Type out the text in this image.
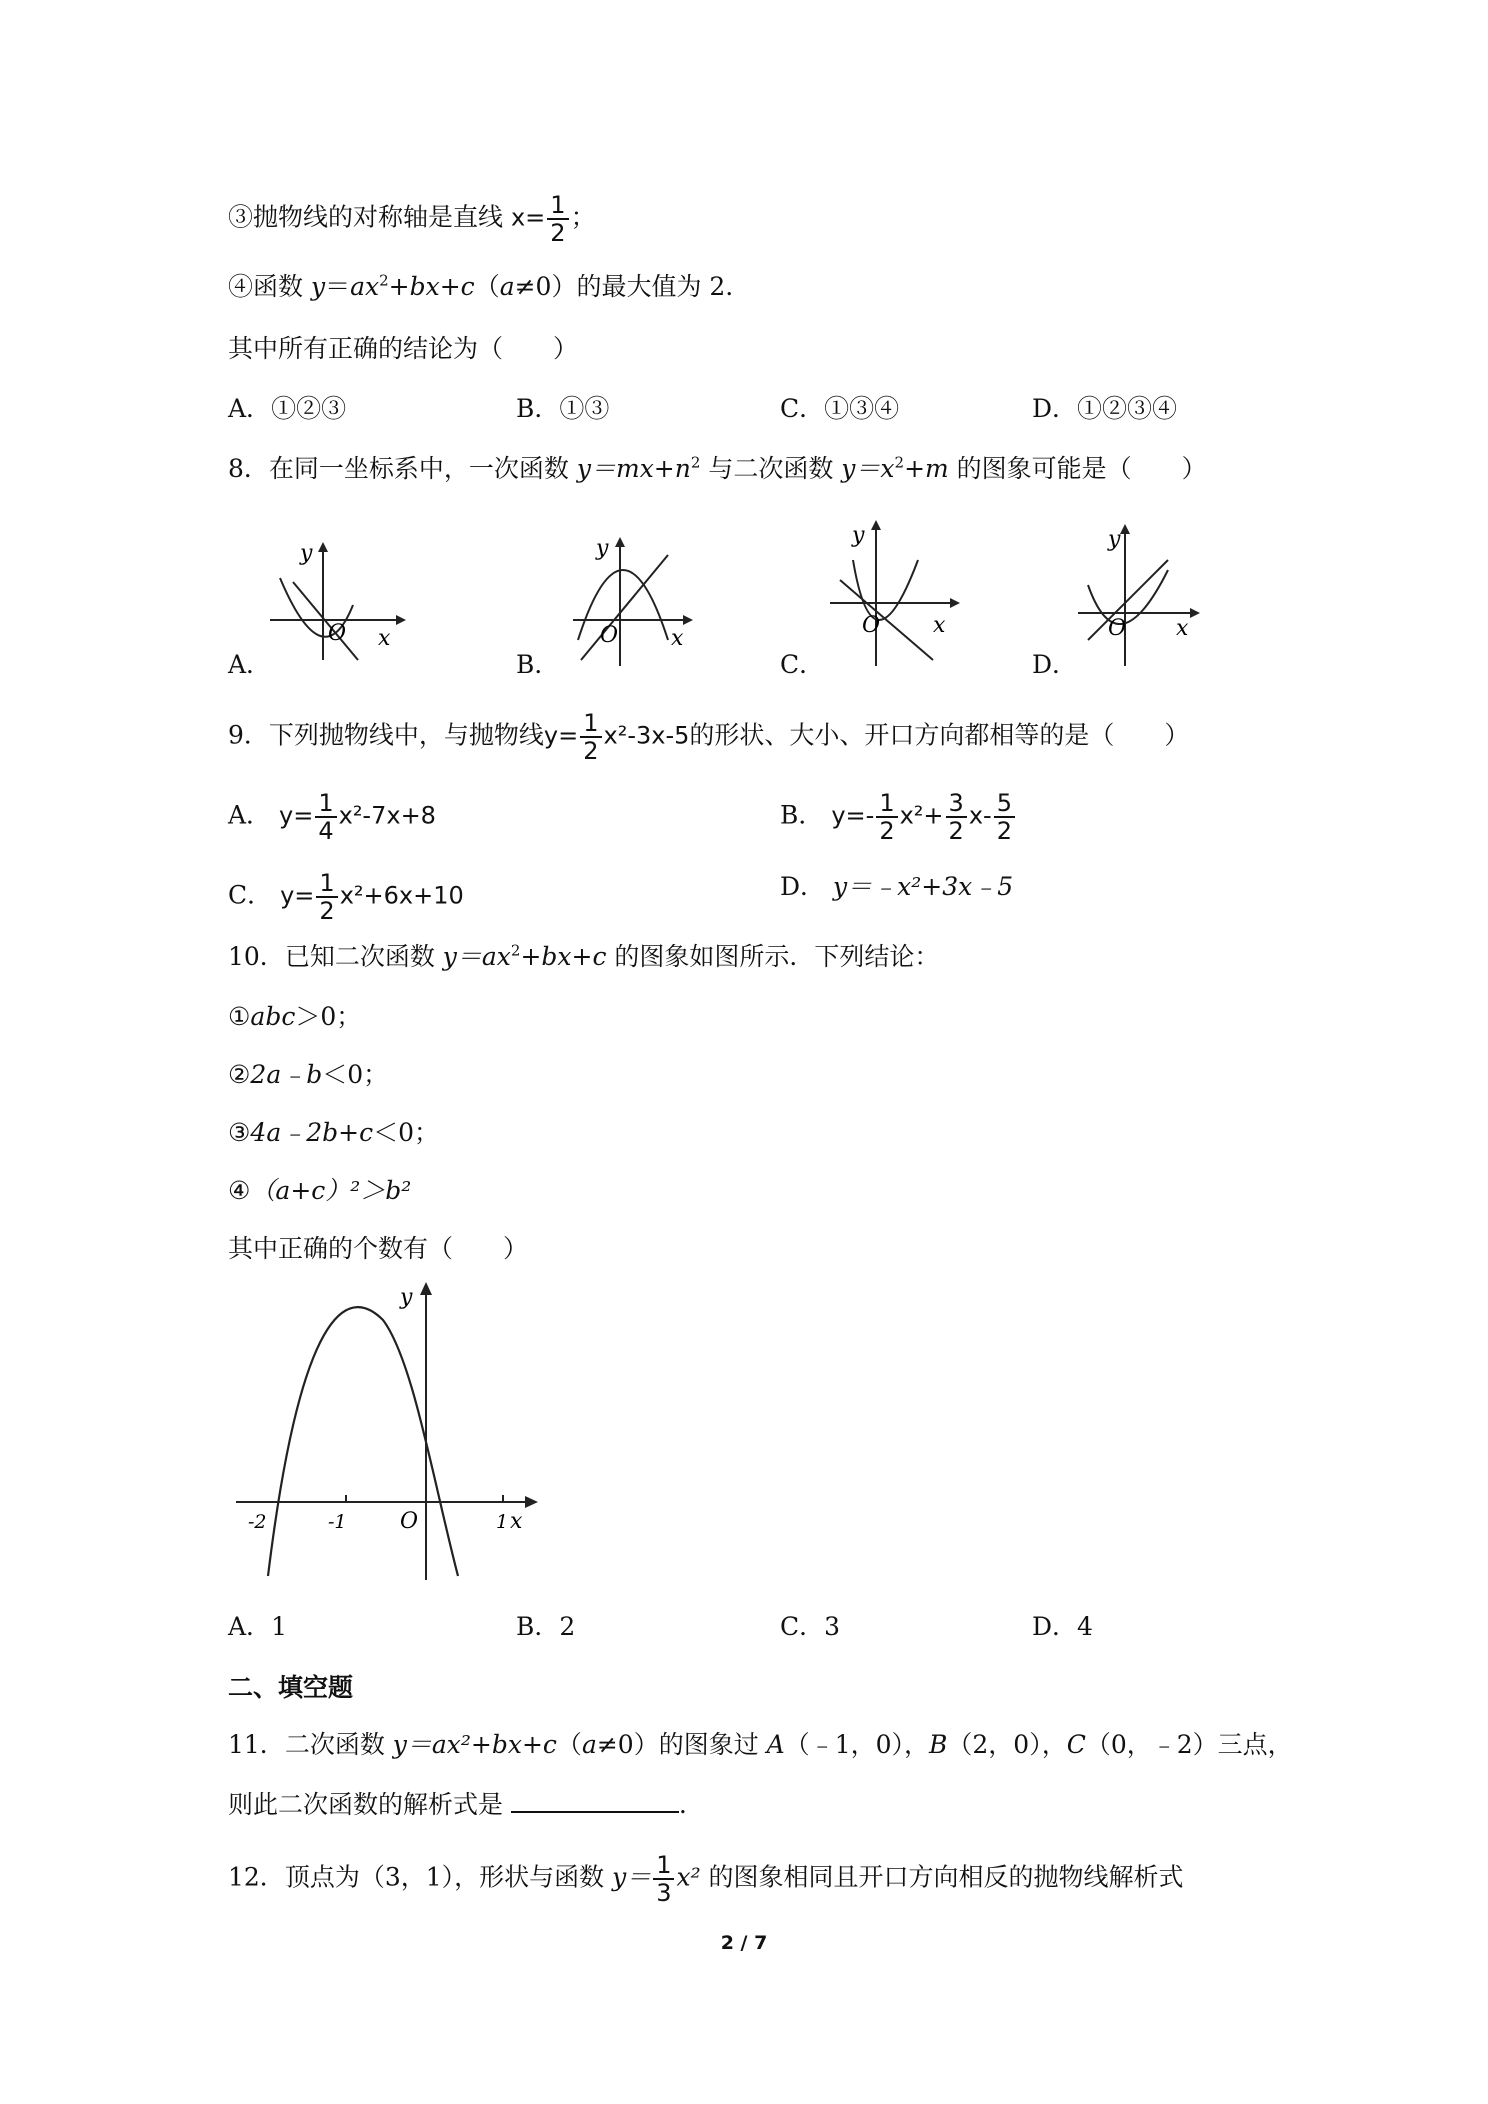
③抛物线的对称轴是直线 $x= \frac{1}{2}$ ；
④函数 $y=ax^2+bx+c(a\ne 0)$的最大值为 2．
其中所有正确的结论为（　　）
A．①②③	B．①③	C．①③④	D．①②③④
8．在同一坐标系中，一次函数 $y=mx+n^2$ 与二次函数 $y=x^2+m$ 的图象可能是（　　）
y
O x
y
O x
y
O x
y
O x
A．	B．	C．	D．
9．下列抛物线中，与抛物线$y= \frac{1}{2} x^2-3x-5$的形状、大小、开口方向都相等的是（　　）
A． $y= \frac{1}{4} x^2-7x+8$	B． $y=- \frac{1}{2} x^2+ \frac{3}{2} x- \frac{5}{2}$
C． $y= \frac{1}{2} x^2+6x+10$	D． y＝﹣x²+3x﹣5
10．已知二次函数 $y=ax^2+bx+c$ 的图象如图所示．下列结论：
①abc＞0；
②2a﹣b＜0；
③4a﹣2b+c＜0；
④（a+c）²＞b²
其中正确的个数有（　　）
y
x
O
-2	-1	1
A．1	B．2	C．3	D．4
二、填空题
11．二次函数 y＝ax²+bx+c（a≠0）的图象过 A（﹣1，0），B（2，0），C（0，﹣2）三点，
则此二次函数的解析式是	．
12．顶点为（3，1），形状与函数 $y= \frac{1}{3} x^2$ 的图象相同且开口方向相反的抛物线解析式
2 / 7
